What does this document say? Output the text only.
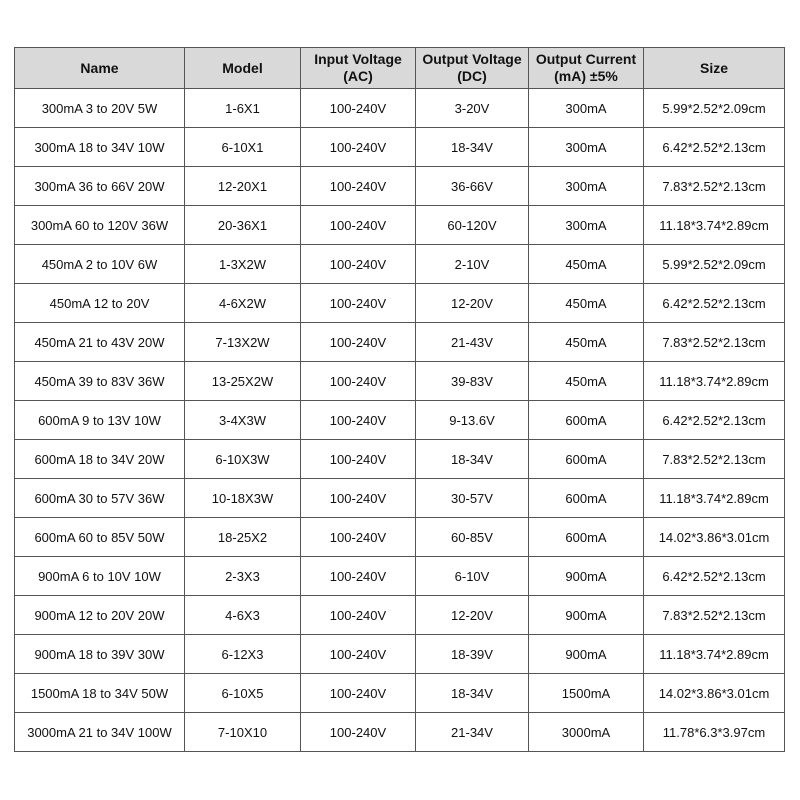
Name	Model	Input Voltage (AC)	Output Voltage (DC)	Output Current (mA) ±5%	Size
300mA 3 to 20V 5W	1-6X1	100-240V	3-20V	300mA	5.99*2.52*2.09cm
300mA 18 to 34V 10W	6-10X1	100-240V	18-34V	300mA	6.42*2.52*2.13cm
300mA 36 to 66V 20W	12-20X1	100-240V	36-66V	300mA	7.83*2.52*2.13cm
300mA 60 to 120V 36W	20-36X1	100-240V	60-120V	300mA	11.18*3.74*2.89cm
450mA 2 to 10V 6W	1-3X2W	100-240V	2-10V	450mA	5.99*2.52*2.09cm
450mA 12 to 20V	4-6X2W	100-240V	12-20V	450mA	6.42*2.52*2.13cm
450mA 21 to 43V 20W	7-13X2W	100-240V	21-43V	450mA	7.83*2.52*2.13cm
450mA 39 to 83V 36W	13-25X2W	100-240V	39-83V	450mA	11.18*3.74*2.89cm
600mA 9 to 13V 10W	3-4X3W	100-240V	9-13.6V	600mA	6.42*2.52*2.13cm
600mA 18 to 34V 20W	6-10X3W	100-240V	18-34V	600mA	7.83*2.52*2.13cm
600mA 30 to 57V 36W	10-18X3W	100-240V	30-57V	600mA	11.18*3.74*2.89cm
600mA 60 to 85V 50W	18-25X2	100-240V	60-85V	600mA	14.02*3.86*3.01cm
900mA 6 to 10V 10W	2-3X3	100-240V	6-10V	900mA	6.42*2.52*2.13cm
900mA 12 to 20V 20W	4-6X3	100-240V	12-20V	900mA	7.83*2.52*2.13cm
900mA 18 to 39V 30W	6-12X3	100-240V	18-39V	900mA	11.18*3.74*2.89cm
1500mA 18 to 34V 50W	6-10X5	100-240V	18-34V	1500mA	14.02*3.86*3.01cm
3000mA 21 to 34V 100W	7-10X10	100-240V	21-34V	3000mA	11.78*6.3*3.97cm
